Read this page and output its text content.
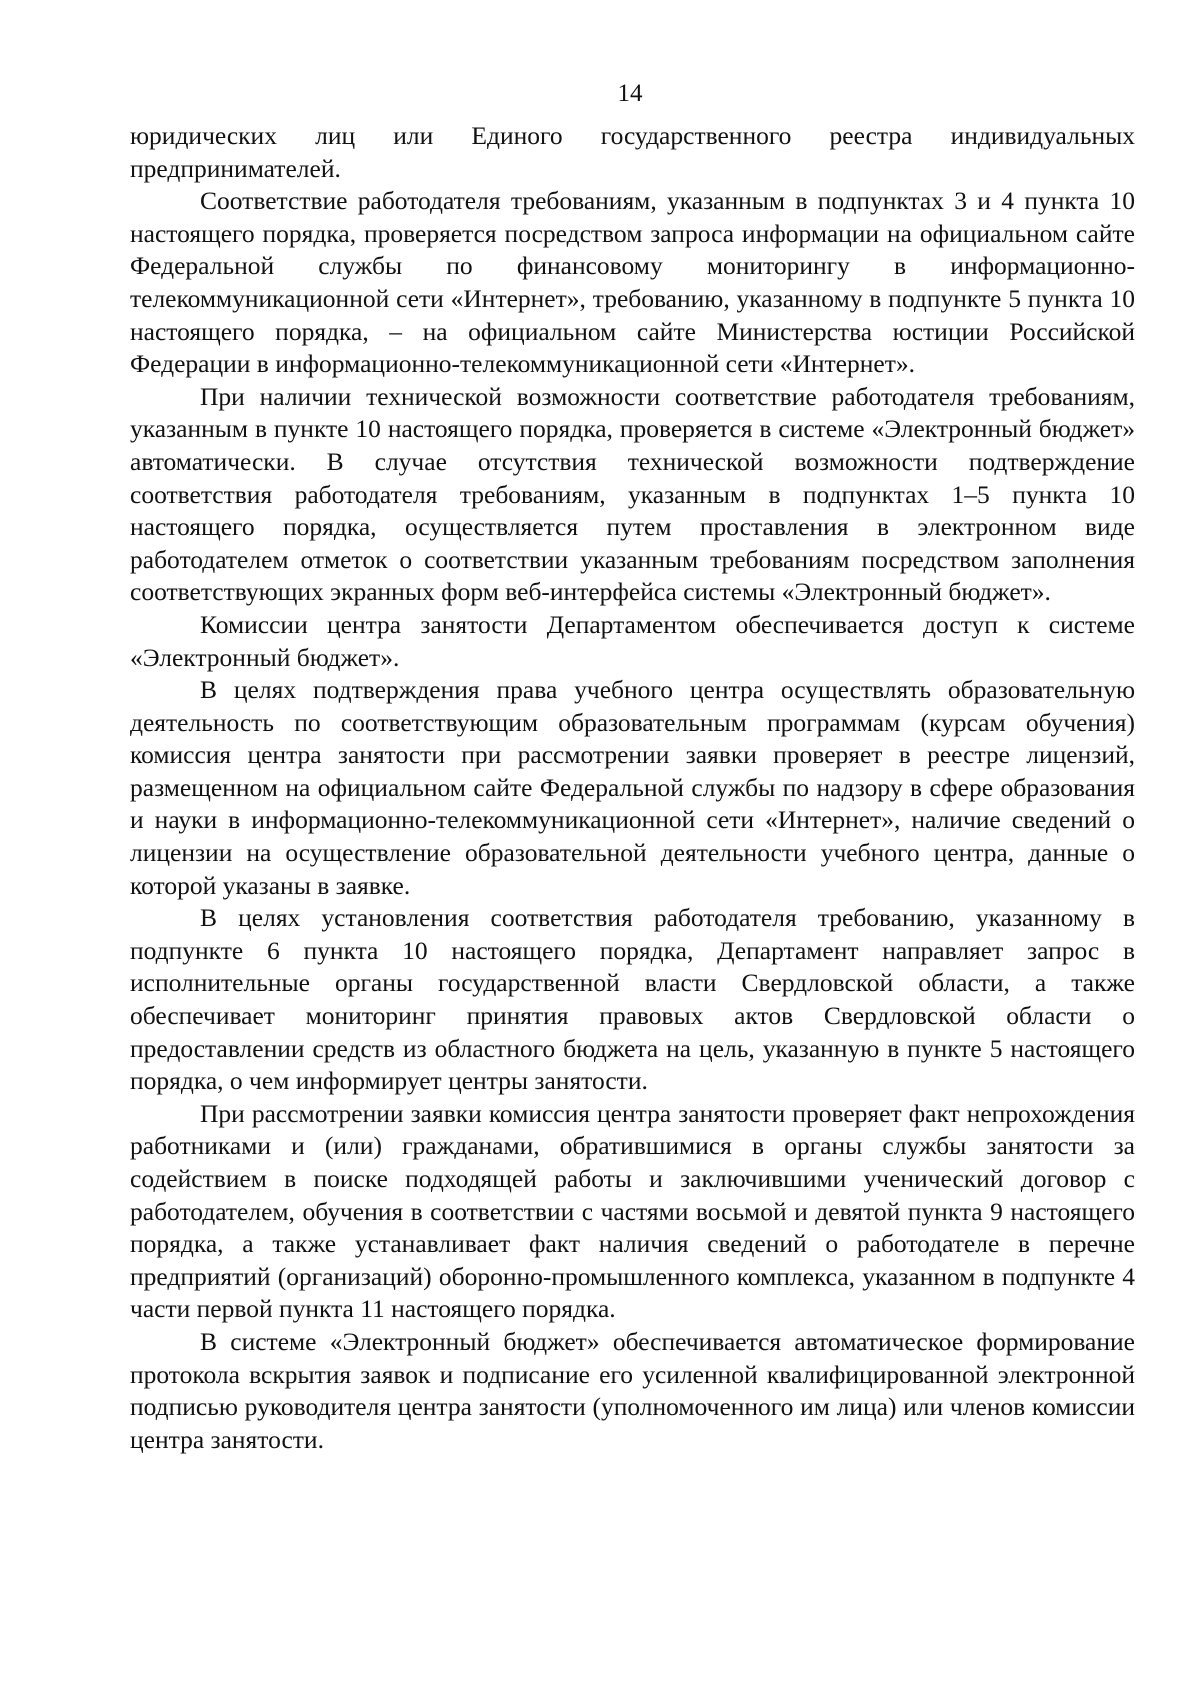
14

юридических лиц или Единого государственного реестра индивидуальных предпринимателей.

Соответствие работодателя требованиям, указанным в подпунктах 3 и 4 пункта 10 настоящего порядка, проверяется посредством запроса информации на официальном сайте Федеральной службы по финансовому мониторингу в информационно-телекоммуникационной сети «Интернет», требованию, указанному в подпункте 5 пункта 10 настоящего порядка, – на официальном сайте Министерства юстиции Российской Федерации в информационно-телекоммуникационной сети «Интернет».

При наличии технической возможности соответствие работодателя требованиям, указанным в пункте 10 настоящего порядка, проверяется в системе «Электронный бюджет» автоматически. В случае отсутствия технической возможности подтверждение соответствия работодателя требованиям, указанным в подпунктах 1–5 пункта 10 настоящего порядка, осуществляется путем проставления в электронном виде работодателем отметок о соответствии указанным требованиям посредством заполнения соответствующих экранных форм веб-интерфейса системы «Электронный бюджет».

Комиссии центра занятости Департаментом обеспечивается доступ к системе «Электронный бюджет».

В целях подтверждения права учебного центра осуществлять образовательную деятельность по соответствующим образовательным программам (курсам обучения) комиссия центра занятости при рассмотрении заявки проверяет в реестре лицензий, размещенном на официальном сайте Федеральной службы по надзору в сфере образования и науки в информационно-телекоммуникационной сети «Интернет», наличие сведений о лицензии на осуществление образовательной деятельности учебного центра, данные о которой указаны в заявке.

В целях установления соответствия работодателя требованию, указанному в подпункте 6 пункта 10 настоящего порядка, Департамент направляет запрос в исполнительные органы государственной власти Свердловской области, а также обеспечивает мониторинг принятия правовых актов Свердловской области о предоставлении средств из областного бюджета на цель, указанную в пункте 5 настоящего порядка, о чем информирует центры занятости.

При рассмотрении заявки комиссия центра занятости проверяет факт непрохождения работниками и (или) гражданами, обратившимися в органы службы занятости за содействием в поиске подходящей работы и заключившими ученический договор с работодателем, обучения в соответствии с частями восьмой и девятой пункта 9 настоящего порядка, а также устанавливает факт наличия сведений о работодателе в перечне предприятий (организаций) оборонно-промышленного комплекса, указанном в подпункте 4 части первой пункта 11 настоящего порядка.

В системе «Электронный бюджет» обеспечивается автоматическое формирование протокола вскрытия заявок и подписание его усиленной квалифицированной электронной подписью руководителя центра занятости (уполномоченного им лица) или членов комиссии центра занятости.
